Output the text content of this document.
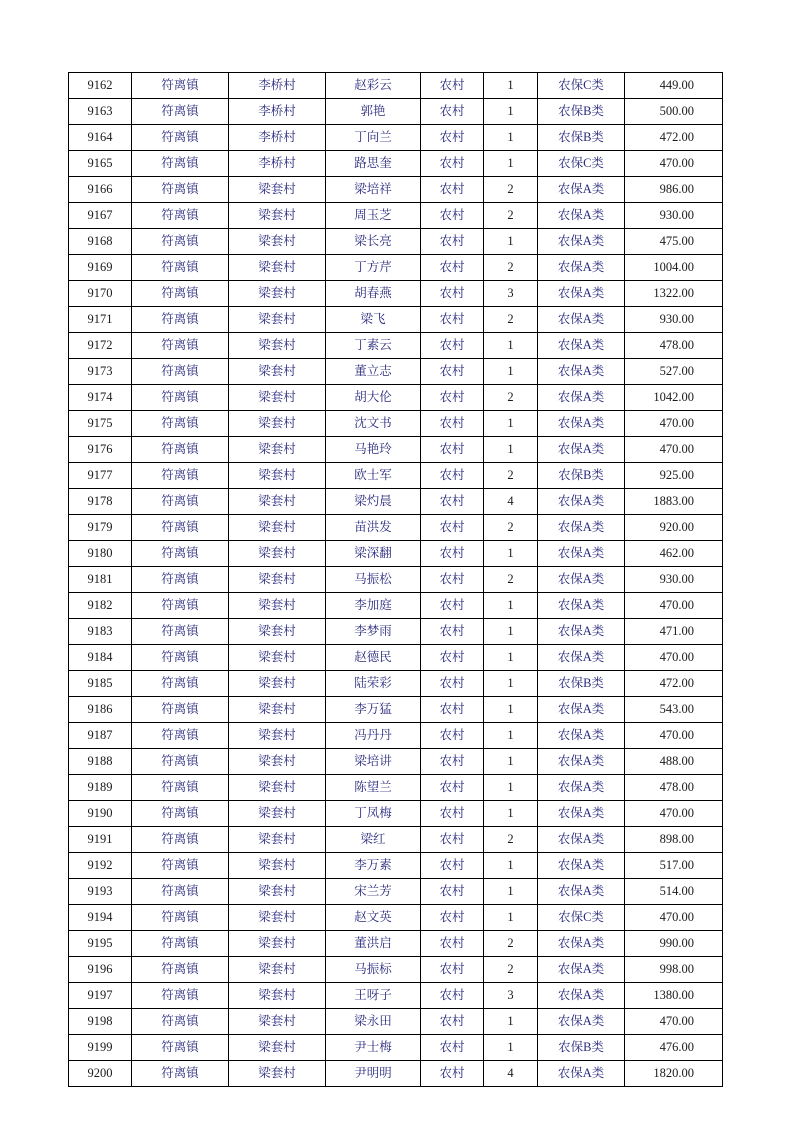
9162	符离镇	李桥村	赵彩云	农村	1	农保C类	449.00
9163	符离镇	李桥村	郭艳	农村	1	农保B类	500.00
9164	符离镇	李桥村	丁向兰	农村	1	农保B类	472.00
9165	符离镇	李桥村	路思奎	农村	1	农保C类	470.00
9166	符离镇	梁套村	梁培祥	农村	2	农保A类	986.00
9167	符离镇	梁套村	周玉芝	农村	2	农保A类	930.00
9168	符离镇	梁套村	梁长亮	农村	1	农保A类	475.00
9169	符离镇	梁套村	丁方芹	农村	2	农保A类	1004.00
9170	符离镇	梁套村	胡春燕	农村	3	农保A类	1322.00
9171	符离镇	梁套村	梁飞	农村	2	农保A类	930.00
9172	符离镇	梁套村	丁素云	农村	1	农保A类	478.00
9173	符离镇	梁套村	董立志	农村	1	农保A类	527.00
9174	符离镇	梁套村	胡大伦	农村	2	农保A类	1042.00
9175	符离镇	梁套村	沈文书	农村	1	农保A类	470.00
9176	符离镇	梁套村	马艳玲	农村	1	农保A类	470.00
9177	符离镇	梁套村	欧士军	农村	2	农保B类	925.00
9178	符离镇	梁套村	梁灼晨	农村	4	农保A类	1883.00
9179	符离镇	梁套村	苗洪发	农村	2	农保A类	920.00
9180	符离镇	梁套村	梁深翻	农村	1	农保A类	462.00
9181	符离镇	梁套村	马振松	农村	2	农保A类	930.00
9182	符离镇	梁套村	李加庭	农村	1	农保A类	470.00
9183	符离镇	梁套村	李梦雨	农村	1	农保A类	471.00
9184	符离镇	梁套村	赵德民	农村	1	农保A类	470.00
9185	符离镇	梁套村	陆荣彩	农村	1	农保B类	472.00
9186	符离镇	梁套村	李万猛	农村	1	农保A类	543.00
9187	符离镇	梁套村	冯丹丹	农村	1	农保A类	470.00
9188	符离镇	梁套村	梁培讲	农村	1	农保A类	488.00
9189	符离镇	梁套村	陈望兰	农村	1	农保A类	478.00
9190	符离镇	梁套村	丁凤梅	农村	1	农保A类	470.00
9191	符离镇	梁套村	梁红	农村	2	农保A类	898.00
9192	符离镇	梁套村	李万素	农村	1	农保A类	517.00
9193	符离镇	梁套村	宋兰芳	农村	1	农保A类	514.00
9194	符离镇	梁套村	赵文英	农村	1	农保C类	470.00
9195	符离镇	梁套村	董洪启	农村	2	农保A类	990.00
9196	符离镇	梁套村	马振标	农村	2	农保A类	998.00
9197	符离镇	梁套村	王呀子	农村	3	农保A类	1380.00
9198	符离镇	梁套村	梁永田	农村	1	农保A类	470.00
9199	符离镇	梁套村	尹士梅	农村	1	农保B类	476.00
9200	符离镇	梁套村	尹明明	农村	4	农保A类	1820.00
